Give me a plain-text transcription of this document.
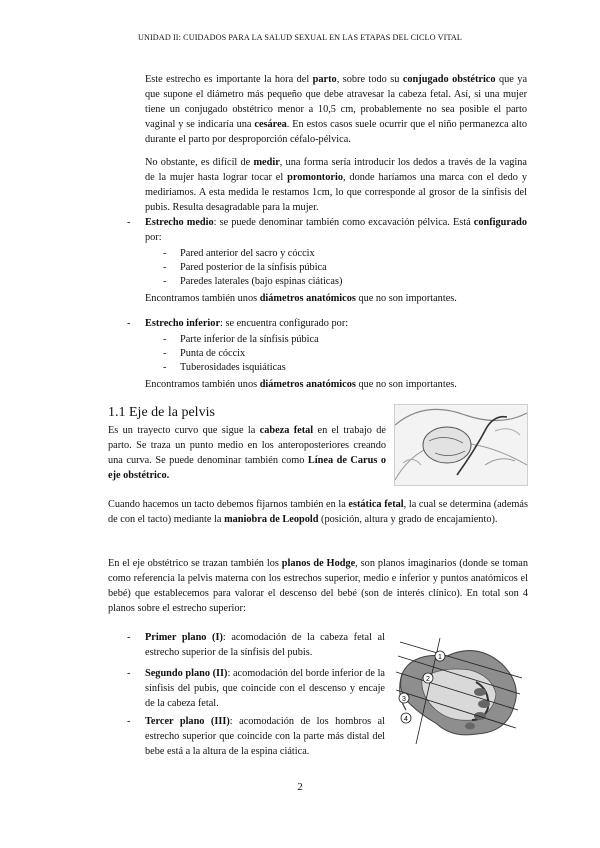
UNIDAD II: CUIDADOS PARA LA SALUD SEXUAL EN LAS ETAPAS DEL CICLO VITAL

Este estrecho es importante la hora del parto, sobre todo su conjugado obstétrico que ya que supone el diámetro más pequeño que debe atravesar la cabeza fetal. Así, si una mujer tiene un conjugado obstétrico menor a 10,5 cm, probablemente no sea posible el parto vaginal y se indicaría una cesárea. En estos casos suele ocurrir que el niño permanezca alto durante el parto por desproporción céfalo-pélvica.

No obstante, es difícil de medir, una forma sería introducir los dedos a través de la vagina de la mujer hasta lograr tocar el promontorio, donde haríamos una marca con el dedo y mediríamos. A esta medida le restamos 1cm, lo que corresponde al grosor de la sínfisis del pubis. Resulta desagradable para la mujer.

- Estrecho medio: se puede denominar también como excavación pélvica. Está configurado por:

- Pared anterior del sacro y cóccix
- Pared posterior de la sínfisis púbica
- Paredes laterales (bajo espinas ciáticas)

Encontramos también unos diámetros anatómicos que no son importantes.

- Estrecho inferior: se encuentra configurado por:

- Parte inferior de la sínfisis púbica
- Punta de cóccix
- Tuberosidades isquiáticas

Encontramos también unos diámetros anatómicos que no son importantes.

1.1 Eje de la pelvis

Es un trayecto curvo que sigue la cabeza fetal en el trabajo de parto. Se traza un punto medio en los anteroposteriores creando una curva. Se puede denominar también como Línea de Carus o eje obstétrico.

Cuando hacemos un tacto debemos fijarnos también en la estática fetal, la cual se determina (además de con el tacto) mediante la maniobra de Leopold (posición, altura y grado de encajamiento).

En el eje obstétrico se trazan también los planos de Hodge, son planos imaginarios (donde se toman como referencia la pelvis materna con los estrechos superior, medio e inferior y puntos anatómicos el bebé) que establecemos para valorar el descenso del bebé (son de interés clínico). En total son 4 planos sobre el estrecho superior:

- Primer plano (I): acomodación de la cabeza fetal al estrecho superior de la sínfisis del pubis.

- Segundo plano (II): acomodación del borde inferior de la sínfisis del pubis, que coincide con el descenso y encaje de la cabeza fetal.

- Tercer plano (III): acomodación de los hombros al estrecho superior que coincide con la parte más distal del bebe está a la altura de la espina ciática.

1
2
3
4
2
